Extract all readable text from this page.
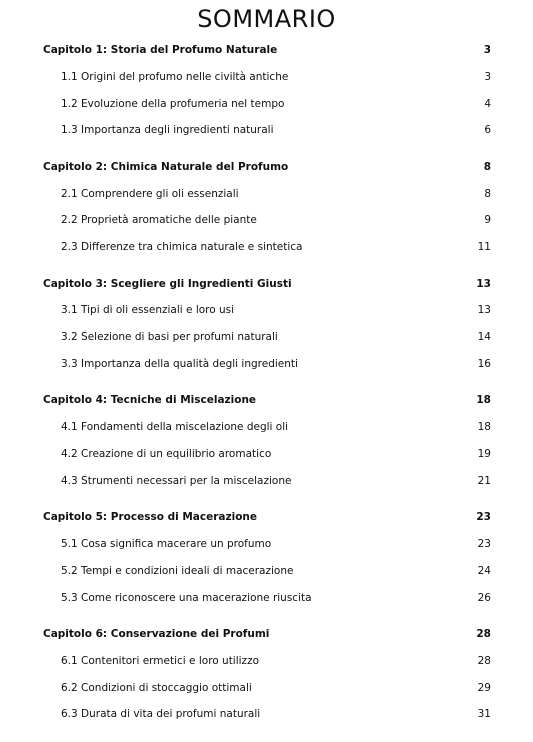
SOMMARIO
Capitolo 1: Storia del Profumo Naturale	3
1.1 Origini del profumo nelle civiltà antiche	3
1.2 Evoluzione della profumeria nel tempo	4
1.3 Importanza degli ingredienti naturali	6
Capitolo 2: Chimica Naturale del Profumo	8
2.1 Comprendere gli oli essenziali	8
2.2 Proprietà aromatiche delle piante	9
2.3 Differenze tra chimica naturale e sintetica	11
Capitolo 3: Scegliere gli Ingredienti Giusti	13
3.1 Tipi di oli essenziali e loro usi	13
3.2 Selezione di basi per profumi naturali	14
3.3 Importanza della qualità degli ingredienti	16
Capitolo 4: Tecniche di Miscelazione	18
4.1 Fondamenti della miscelazione degli oli	18
4.2 Creazione di un equilibrio aromatico	19
4.3 Strumenti necessari per la miscelazione	21
Capitolo 5: Processo di Macerazione	23
5.1 Cosa significa macerare un profumo	23
5.2 Tempi e condizioni ideali di macerazione	24
5.3 Come riconoscere una macerazione riuscita	26
Capitolo 6: Conservazione dei Profumi	28
6.1 Contenitori ermetici e loro utilizzo	28
6.2 Condizioni di stoccaggio ottimali	29
6.3 Durata di vita dei profumi naturali	31
